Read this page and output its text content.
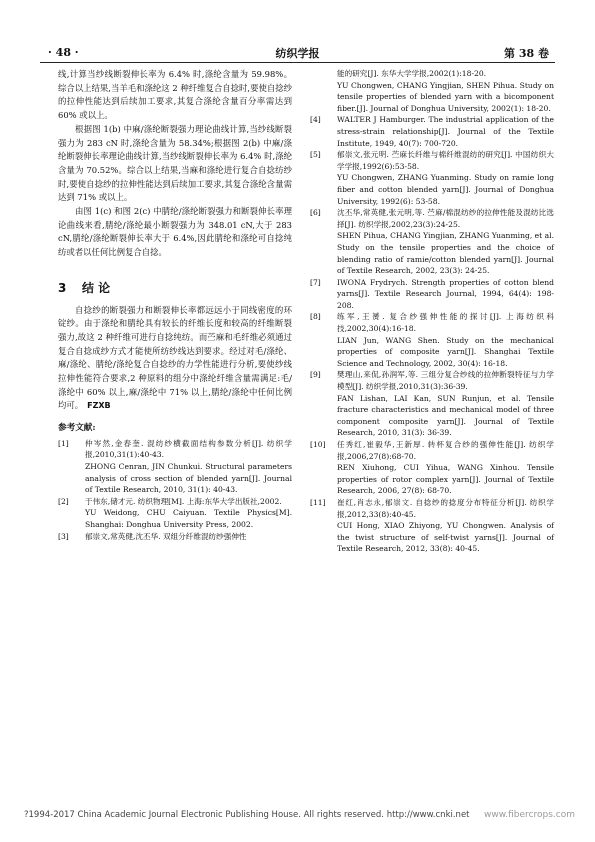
· 48 ·	纺织学报	第 38 卷

线,计算当纱线断裂伸长率为 6.4% 时,涤纶含量为 59.98%。综合以上结果,当羊毛和涤纶这 2 种纤维复合自捻时,要使自捻纱的拉伸性能达到后续加工要求,其复合涤纶含量百分率需达到 60% 或以上。

根据图 1(b) 中麻/涤纶断裂强力理论曲线计算,当纱线断裂强力为 283 cN 时,涤纶含量为 58.34%;根据图 2(b) 中麻/涤纶断裂伸长率理论曲线计算,当纱线断裂伸长率为 6.4% 时,涤纶含量为 70.52%。综合以上结果,当麻和涤纶进行复合自捻纺纱时,要使自捻纱的拉伸性能达到后续加工要求,其复合涤纶含量需达到 71% 或以上。

由图 1(c) 和图 2(c) 中腈纶/涤纶断裂强力和断裂伸长率理论曲线来看,腈纶/涤纶最小断裂强力为 348.01 cN,大于 283 cN,腈纶/涤纶断裂伸长率大于 6.4%,因此腈纶和涤纶可自捻纯纺或者以任何比例复合自捻。

3 结 论

自捻纱的断裂强力和断裂伸长率都远远小于同线密度的环锭纱。由于涤纶和腈纶具有较长的纤维长度和较高的纤维断裂强力,故这 2 种纤维可进行自捻纯纺。而苎麻和毛纤维必须通过复合自捻成纱方式才能使所纺纱线达到要求。经过对毛/涤纶、麻/涤纶、腈纶/涤纶复合自捻纱的力学性能进行分析,要使纱线拉伸性能符合要求,2 种原料的组分中涤纶纤维含量需满足:毛/涤纶中 60% 以上,麻/涤纶中 71% 以上,腈纶/涤纶中任何比例均可。 FZXB

参考文献:
[1] 仲岑然,金春奎. 混纺纱横截面结构参数分析[J]. 纺织学报,2010,31(1):40-43.
ZHONG Cenran, JIN Chunkui. Structural parameters analysis of cross section of blended yarn[J]. Journal of Textile Research, 2010, 31(1): 40-43.
[2] 于伟东,储才元. 纺织物理[M]. 上海:东华大学出版社,2002.
YU Weidong, CHU Caiyuan. Textile Physics[M]. Shanghai: Donghua University Press, 2002.
[3] 郁崇文,常英健,沈丕华. 双组分纤维混纺纱强伸性
能的研究[J]. 东华大学学报,2002(1):18-20.
YU Chongwen, CHANG Yingjian, SHEN Pihua. Study on tensile properties of blended yarn with a bicomponent fiber.[J]. Journal of Donghua University, 2002(1): 18-20.
[4] WALTER J Hamburger. The industrial application of the stress-strain relationship[J]. Journal of the Textile Institute, 1949, 40(7): 700-720.
[5] 郁崇文,张元明. 苎麻长纤维与棉纤维混纺的研究[J]. 中国纺织大学学报,1992(6):53-58.
YU Chongwen, ZHANG Yuanming. Study on ramie long fiber and cotton blended yarn[J]. Journal of Donghua University, 1992(6): 53-58.
[6] 沈丕华,常英健,张元明,等. 苎麻/棉混纺纱的拉伸性能及混纺比选择[J]. 纺织学报,2002,23(3):24-25.
SHEN Pihua, CHANG Yingjian, ZHANG Yuanming, et al. Study on the tensile properties and the choice of blending ratio of ramie/cotton blended yarn[J]. Journal of Textile Research, 2002, 23(3): 24-25.
[7] IWONA Frydrych. Strength properties of cotton blend yarns[J]. Textile Research Journal, 1994, 64(4): 198-208.
[8] 练军,王赟. 复合纱强伸性能的探讨[J]. 上海纺织科技,2002,30(4):16-18.
LIAN Jun, WANG Shen. Study on the mechanical properties of composite yarn[J]. Shanghai Textile Science and Technology, 2002, 30(4): 16-18.
[9] 樊理山,来侃,孙润军,等. 三组分复合纱线的拉伸断裂特征与力学模型[J]. 纺织学报,2010,31(3):36-39.
FAN Lishan, LAI Kan, SUN Runjun, et al. Tensile fracture characteristics and mechanical model of three component composite yarn[J]. Journal of Textile Research, 2010, 31(3): 36-39.
[10] 任秀红,崔毅华,王新厚. 转杯复合纱的强伸性能[J]. 纺织学报,2006,27(8):68-70.
REN Xiuhong, CUI Yihua, WANG Xinhou. Tensile properties of rotor complex yarn[J]. Journal of Textile Research, 2006, 27(8): 68-70.
[11] 崔红,肖志永,郁崇文. 自捻纱的捻度分布特征分析[J]. 纺织学报,2012,33(8):40-45.
CUI Hong, XIAO Zhiyong, YU Chongwen. Analysis of the twist structure of self-twist yarns[J]. Journal of Textile Research, 2012, 33(8): 40-45.
?1994-2017 China Academic Journal Electronic Publishing House. All rights reserved. http://www.cnki.net www.fibercrops.com
